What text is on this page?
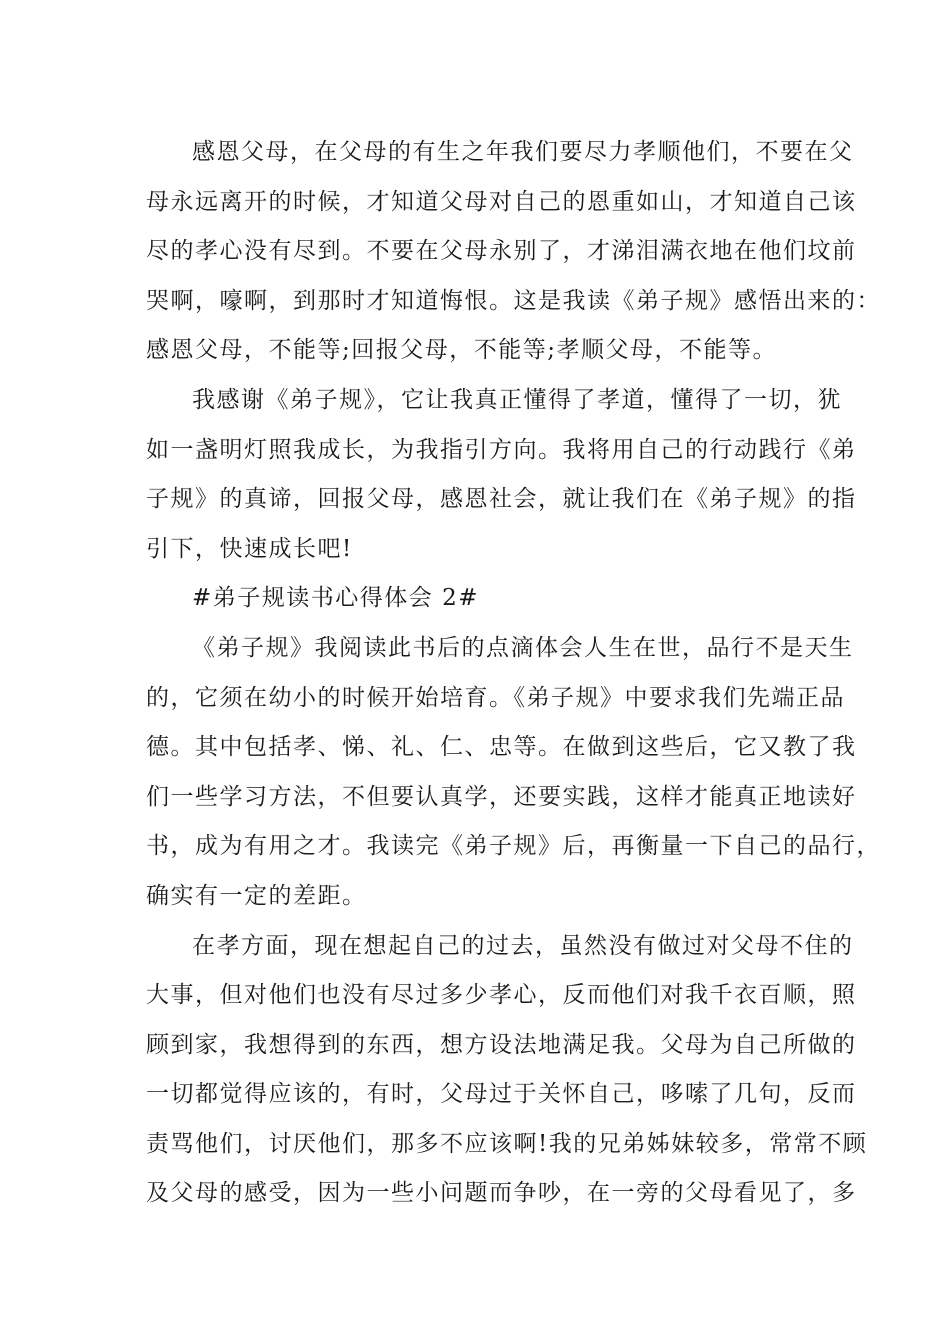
感恩父母，在父母的有生之年我们要尽力孝顺他们，不要在父
母永远离开的时候，才知道父母对自己的恩重如山，才知道自己该
尽的孝心没有尽到。不要在父母永别了，才涕泪满衣地在他们坟前
哭啊，嚎啊，到那时才知道悔恨。这是我读《弟子规》感悟出来的：
感恩父母，不能等;回报父母，不能等;孝顺父母，不能等。
我感谢《弟子规》，它让我真正懂得了孝道，懂得了一切，犹
如一盏明灯照我成长，为我指引方向。我将用自己的行动践行《弟
子规》的真谛，回报父母，感恩社会，就让我们在《弟子规》的指
引下，快速成长吧!
#弟子规读书心得体会 2#
《弟子规》我阅读此书后的点滴体会人生在世，品行不是天生
的，它须在幼小的时候开始培育。《弟子规》中要求我们先端正品
德。其中包括孝、悌、礼、仁、忠等。在做到这些后，它又教了我
们一些学习方法，不但要认真学，还要实践，这样才能真正地读好
书，成为有用之才。我读完《弟子规》后，再衡量一下自己的品行，
确实有一定的差距。
在孝方面，现在想起自己的过去，虽然没有做过对父母不住的
大事，但对他们也没有尽过多少孝心，反而他们对我千衣百顺，照
顾到家，我想得到的东西，想方设法地满足我。父母为自己所做的
一切都觉得应该的，有时，父母过于关怀自己，哆嗦了几句，反而
责骂他们，讨厌他们，那多不应该啊!我的兄弟姊妹较多，常常不顾
及父母的感受，因为一些小问题而争吵，在一旁的父母看见了，多
